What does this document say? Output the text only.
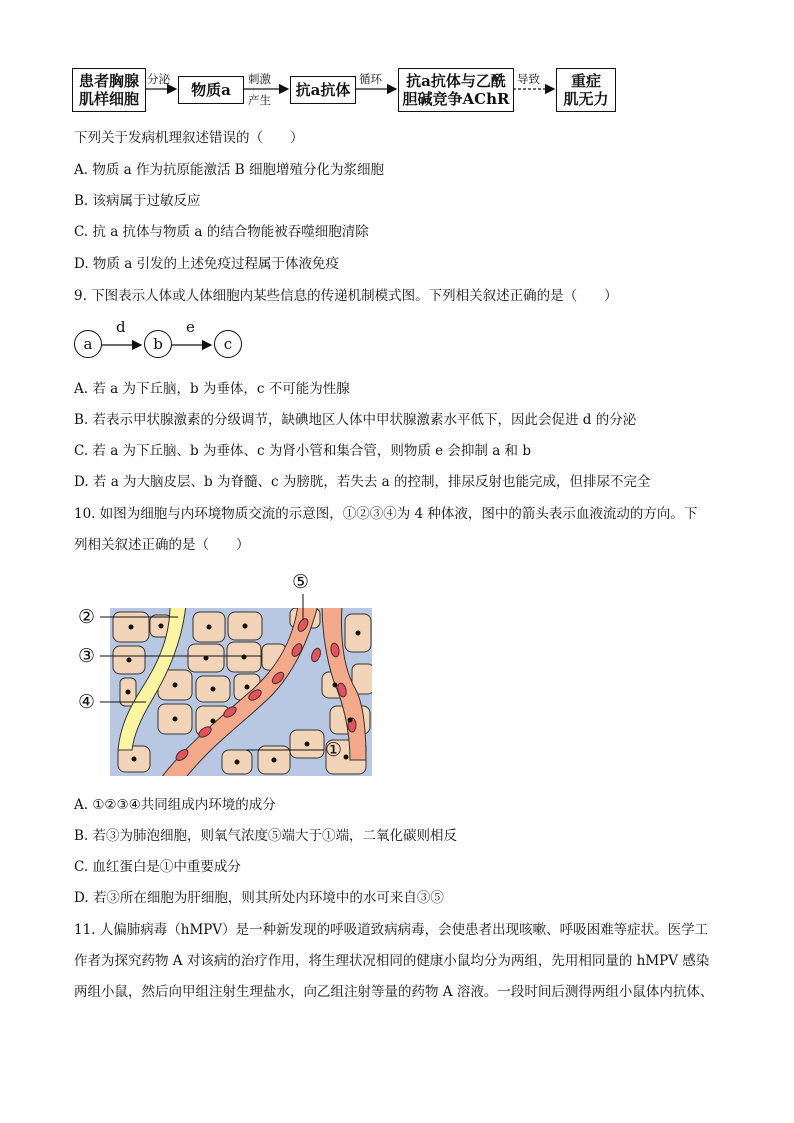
患者胸腺
肌样细胞
分泌
物质a
刺激
产生
抗a抗体
循环 抗a抗体与乙酰
胆碱竞争AChR
导致 重症
肌无力
下列关于发病机理叙述错误的（　　）
A. 物质 a 作为抗原能激活 B 细胞增殖分化为浆细胞
B. 该病属于过敏反应
C. 抗 a 抗体与物质 a 的结合物能被吞噬细胞清除
D. 物质 a 引发的上述免疫过程属于体液免疫
9. 下图表示人体或人体细胞内某些信息的传递机制模式图。下列相关叙述正确的是（　　）
a	b	c
d	e
A. 若 a 为下丘脑，b 为垂体，c 不可能为性腺
B. 若表示甲状腺激素的分级调节，缺碘地区人体中甲状腺激素水平低下，因此会促进 d 的分泌
C. 若 a 为下丘脑、b 为垂体、c 为肾小管和集合管，则物质 e 会抑制 a 和 b
D. 若 a 为大脑皮层、b 为脊髓、c 为膀胱，若失去 a 的控制，排尿反射也能完成，但排尿不完全
10. 如图为细胞与内环境物质交流的示意图，①②③④为 4 种体液，图中的箭头表示血液流动的方向。下
列相关叙述正确的是（　　）
②
③
④
⑤
①
A. ①②③④共同组成内环境的成分
B. 若③为肺泡细胞，则氧气浓度⑤端大于①端，二氧化碳则相反
C. 血红蛋白是①中重要成分
D. 若③所在细胞为肝细胞，则其所处内环境中的水可来自③⑤
11. 人偏肺病毒（hMPV）是一种新发现的呼吸道致病病毒，会使患者出现咳嗽、呼吸困难等症状。医学工
作者为探究药物 A 对该病的治疗作用，将生理状况相同的健康小鼠均分为两组，先用相同量的 hMPV 感染
两组小鼠，然后向甲组注射生理盐水，向乙组注射等量的药物 A 溶液。一段时间后测得两组小鼠体内抗体、
